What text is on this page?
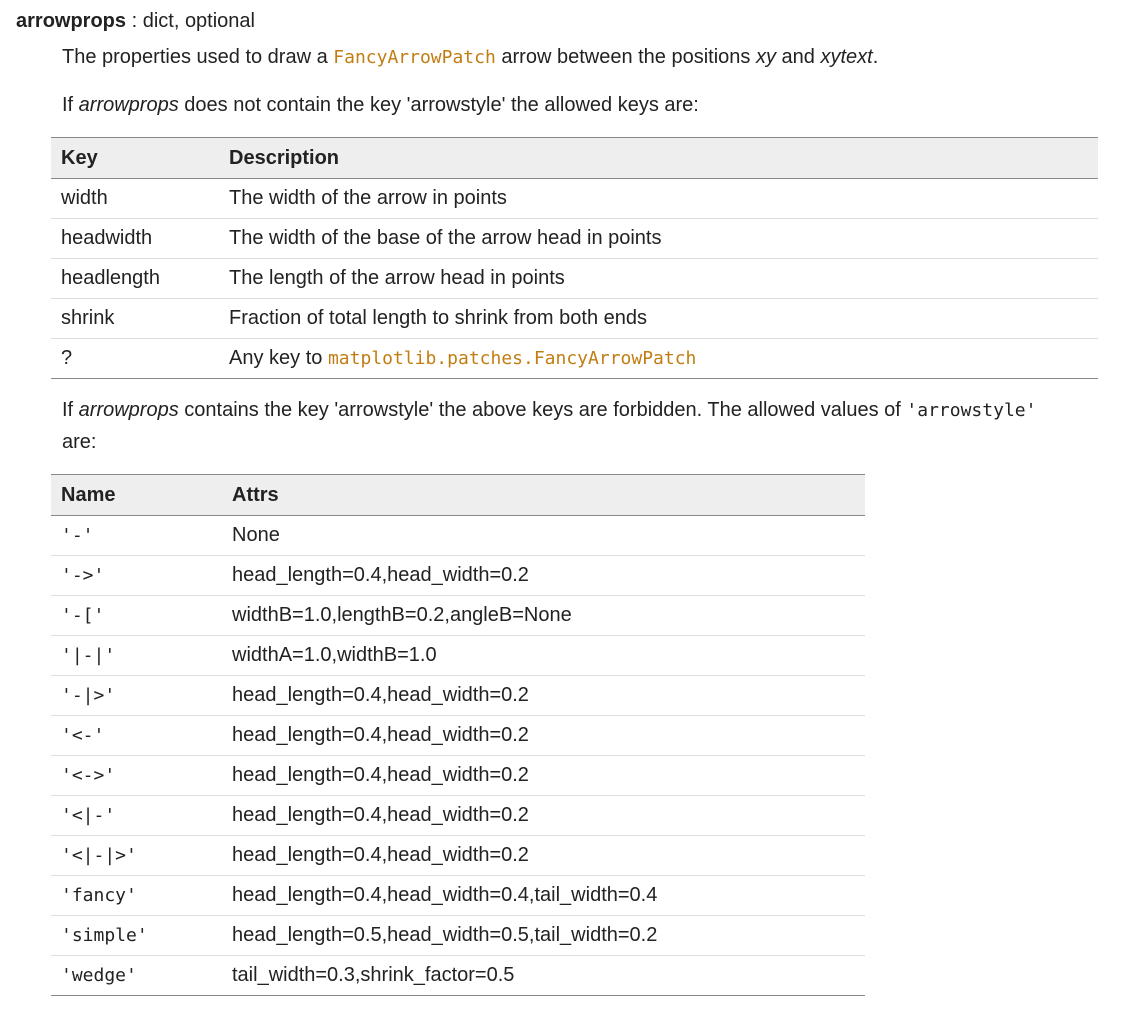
arrowprops : dict, optional
The properties used to draw a FancyArrowPatch arrow between the positions xy and xytext.
If arrowprops does not contain the key 'arrowstyle' the allowed keys are:
Key	Description
width	The width of the arrow in points
headwidth	The width of the base of the arrow head in points
headlength	The length of the arrow head in points
shrink	Fraction of total length to shrink from both ends
?	Any key to matplotlib.patches.FancyArrowPatch
If arrowprops contains the key 'arrowstyle' the above keys are forbidden. The allowed values of 'arrowstyle'
are:
Name	Attrs
'-'	None
'->'	head_length=0.4,head_width=0.2
'-['	widthB=1.0,lengthB=0.2,angleB=None
'|-|'	widthA=1.0,widthB=1.0
'-|>'	head_length=0.4,head_width=0.2
'<-'	head_length=0.4,head_width=0.2
'<->'	head_length=0.4,head_width=0.2
'<|-'	head_length=0.4,head_width=0.2
'<|-|>'	head_length=0.4,head_width=0.2
'fancy'	head_length=0.4,head_width=0.4,tail_width=0.4
'simple'	head_length=0.5,head_width=0.5,tail_width=0.2
'wedge'	tail_width=0.3,shrink_factor=0.5
